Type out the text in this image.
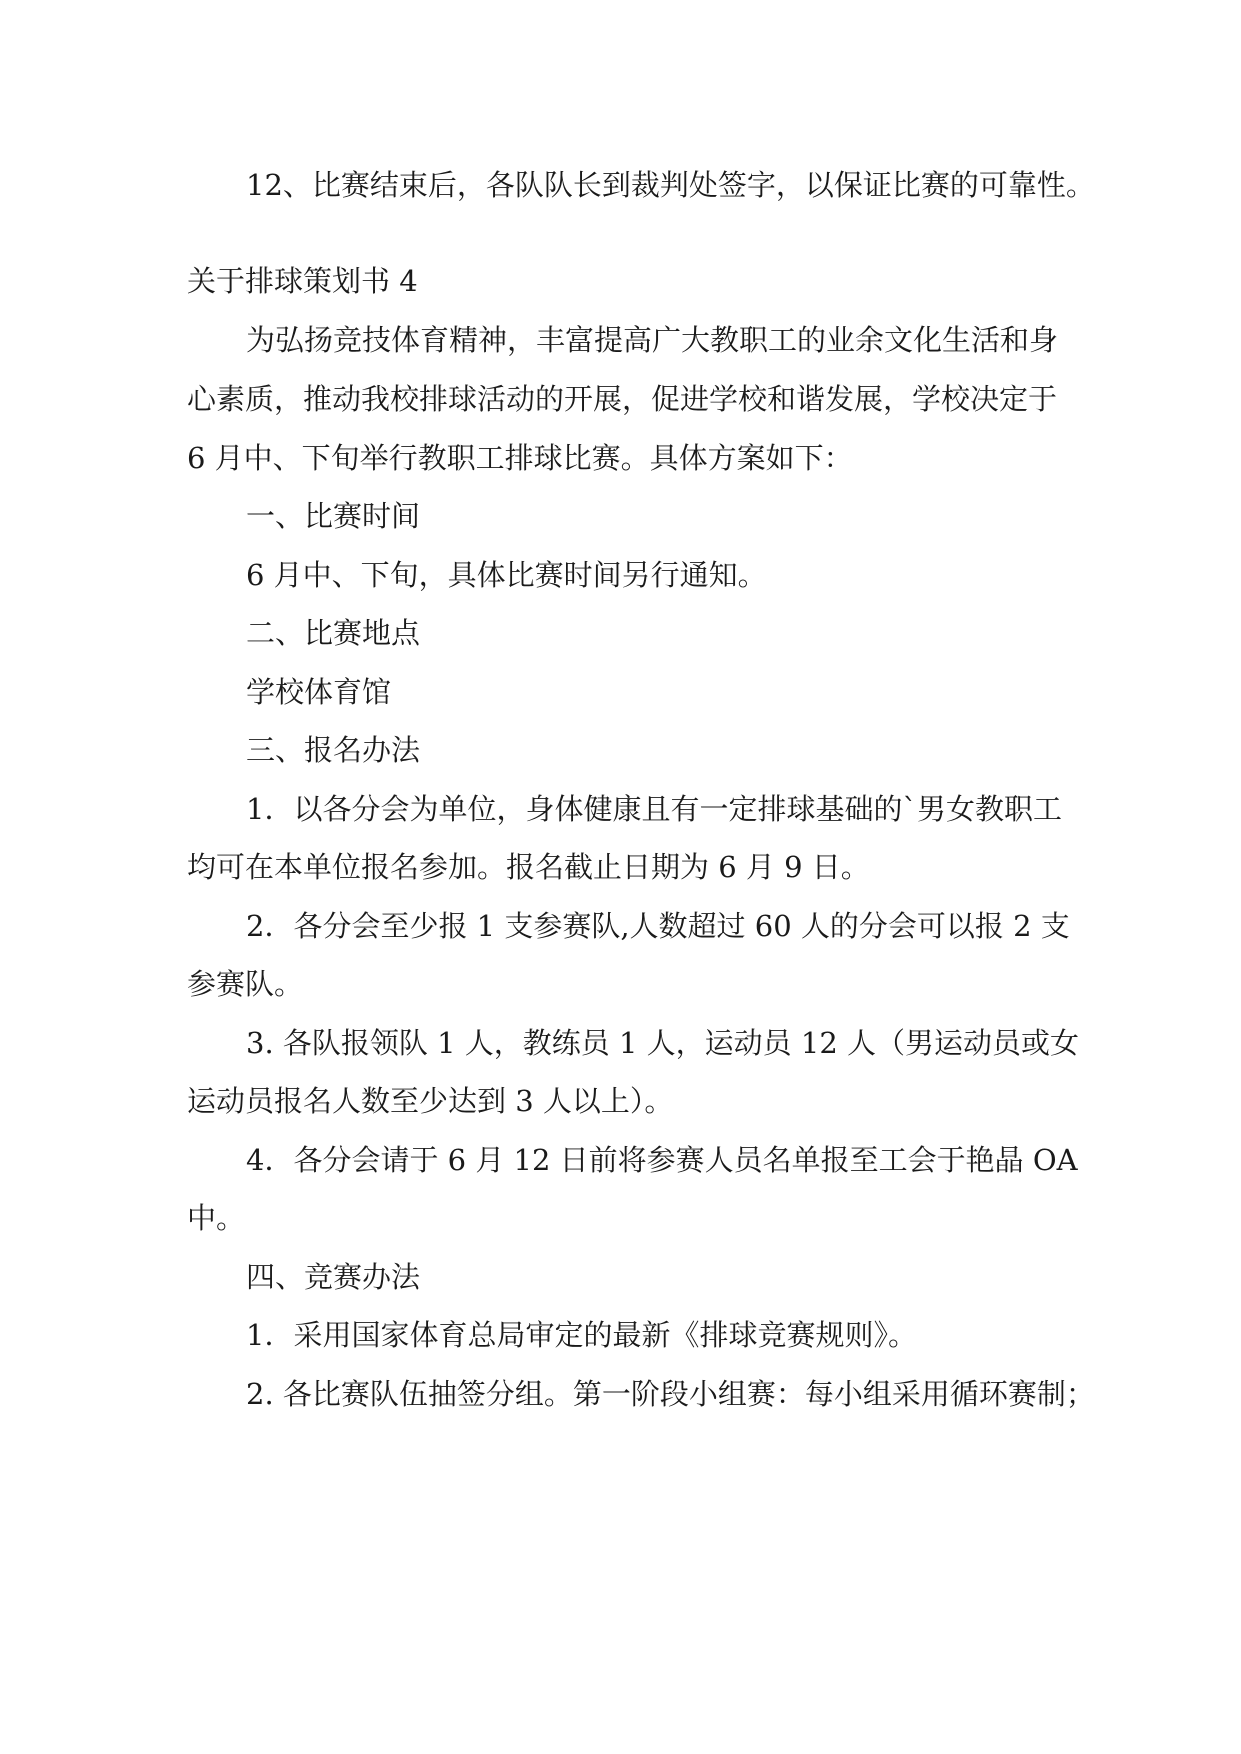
12、比赛结束后，各队队长到裁判处签字，以保证比赛的可靠性。
关于排球策划书 4
为弘扬竞技体育精神，丰富提高广大教职工的业余文化生活和身
心素质，推动我校排球活动的开展，促进学校和谐发展，学校决定于
6 月中、下旬举行教职工排球比赛。具体方案如下：
一、比赛时间
6 月中、下旬，具体比赛时间另行通知。
二、比赛地点
学校体育馆
三、报名办法
1．以各分会为单位，身体健康且有一定排球基础的`男女教职工
均可在本单位报名参加。报名截止日期为 6 月 9 日。
2．各分会至少报 1 支参赛队,人数超过 60 人的分会可以报 2 支
参赛队。
3. 各队报领队 1 人，教练员 1 人，运动员 12 人（男运动员或女
运动员报名人数至少达到 3 人以上）。
4．各分会请于 6 月 12 日前将参赛人员名单报至工会于艳晶 OA
中。
四、竞赛办法
1．采用国家体育总局审定的最新《排球竞赛规则》。
2. 各比赛队伍抽签分组。第一阶段小组赛：每小组采用循环赛制；
